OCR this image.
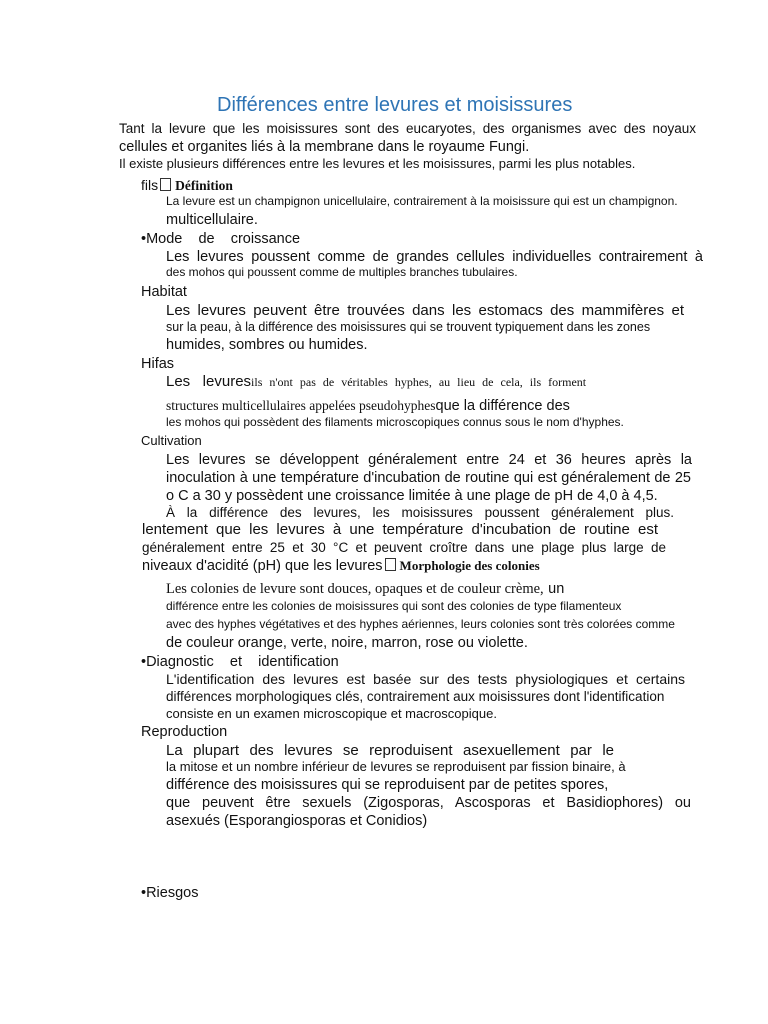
Différences entre levures et moisissures
Tant la levure que les moisissures sont des eucaryotes, des organismes avec des noyaux
cellules et organites liés à la membrane dans le royaume Fungi.
Il existe plusieurs différences entre les levures et les moisissures, parmi les plus notables.
fils Définition
La levure est un champignon unicellulaire, contrairement à la moisissure qui est un champignon.
multicellulaire.
•Mode    de    croissance
Les levures poussent comme de grandes cellules individuelles contrairement à
des mohos qui poussent comme de multiples branches tubulaires.
Habitat
Les levures peuvent être trouvées dans les estomacs des mammifères et
sur la peau, à la différence des moisissures qui se trouvent typiquement dans les zones
humides, sombres ou humides.
Hifas
Les   levuresils n'ont pas de véritables hyphes, au lieu de cela, ils forment
structures multicellulaires appelées pseudohyphesque la différence des
les mohos qui possèdent des filaments microscopiques connus sous le nom d'hyphes.
Cultivation
Les levures se développent généralement entre 24 et 36 heures après la
inoculation à une température d'incubation de routine qui est généralement de 25
o C a 30 y possèdent une croissance limitée à une plage de pH de 4,0 à 4,5.
À la différence des levures, les moisissures poussent généralement plus.
lentement que les levures à une température d'incubation de routine est
généralement entre 25 et 30 °C et peuvent croître dans une plage plus large de
niveaux d'acidité (pH) que les levures Morphologie des colonies
Les colonies de levure sont douces, opaques et de couleur crème, un
différence entre les colonies de moisissures qui sont des colonies de type filamenteux
avec des hyphes végétatives et des hyphes aériennes, leurs colonies sont très colorées comme
de couleur orange, verte, noire, marron, rose ou violette.
•Diagnostic    et    identification
L'identification des levures est basée sur des tests physiologiques et certains
différences morphologiques clés, contrairement aux moisissures dont l'identification
consiste en un examen microscopique et macroscopique.
Reproduction
La plupart des levures se reproduisent asexuellement par le
la mitose et un nombre inférieur de levures se reproduisent par fission binaire, à
différence des moisissures qui se reproduisent par de petites spores,
que peuvent être sexuels (Zigosporas, Ascosporas et Basidiophores) ou
asexués (Esporangiosporas et Conidios)
•Riesgos
